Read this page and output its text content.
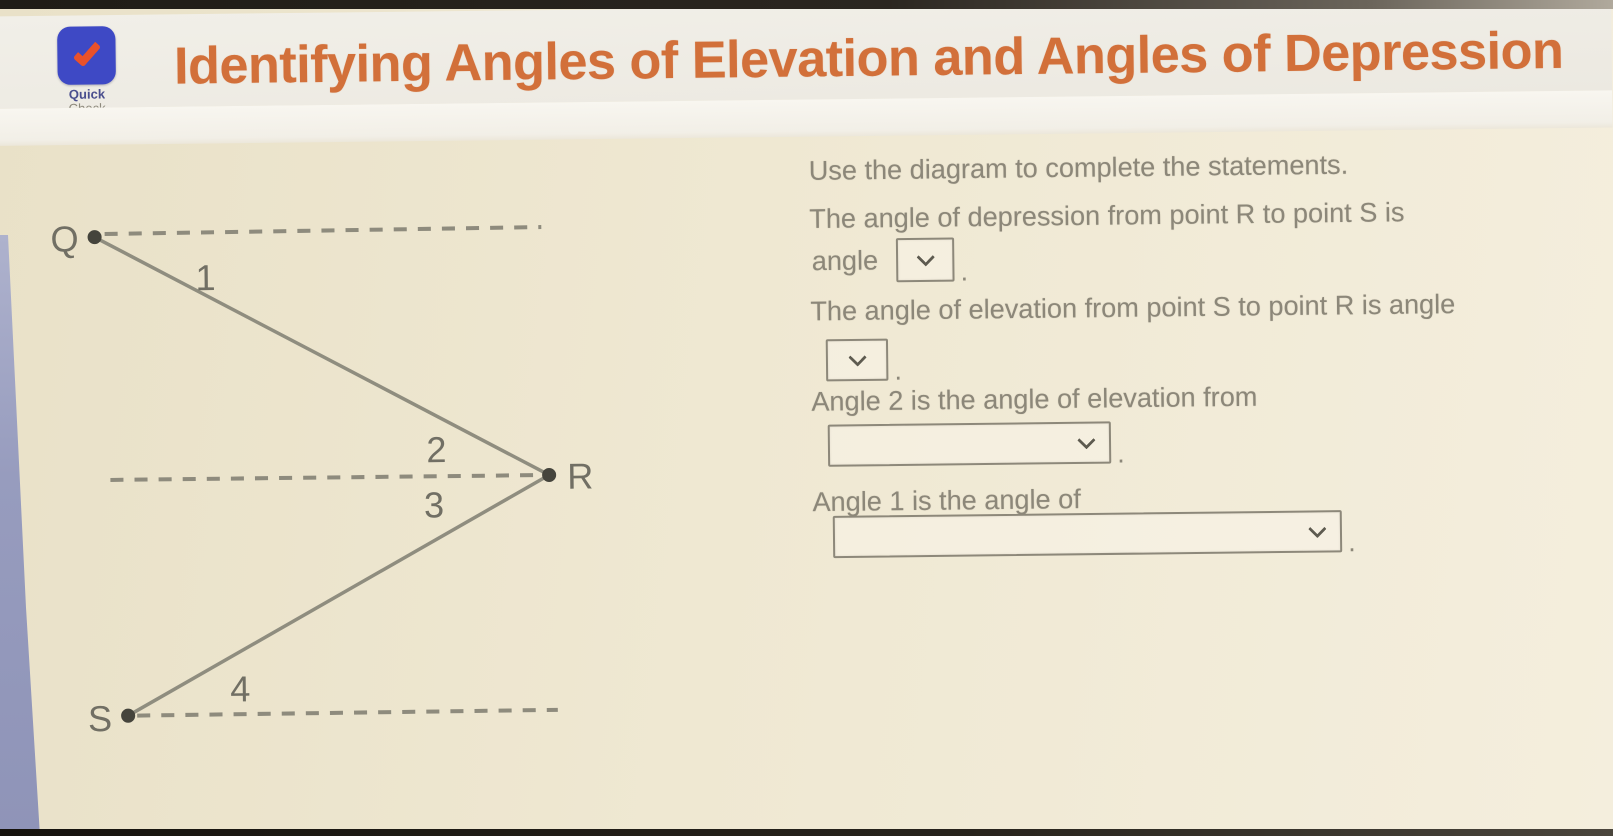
Quick	Identifying Angles of Elevation and Angles of Depression
Q
R
S
1
2
3
4

Use the diagram to complete the statements.

The angle of depression from point R to point S is

angle	.

The angle of elevation from point S to point R is angle

.

Angle 2 is the angle of elevation from

.

Angle 1 is the angle of

.
